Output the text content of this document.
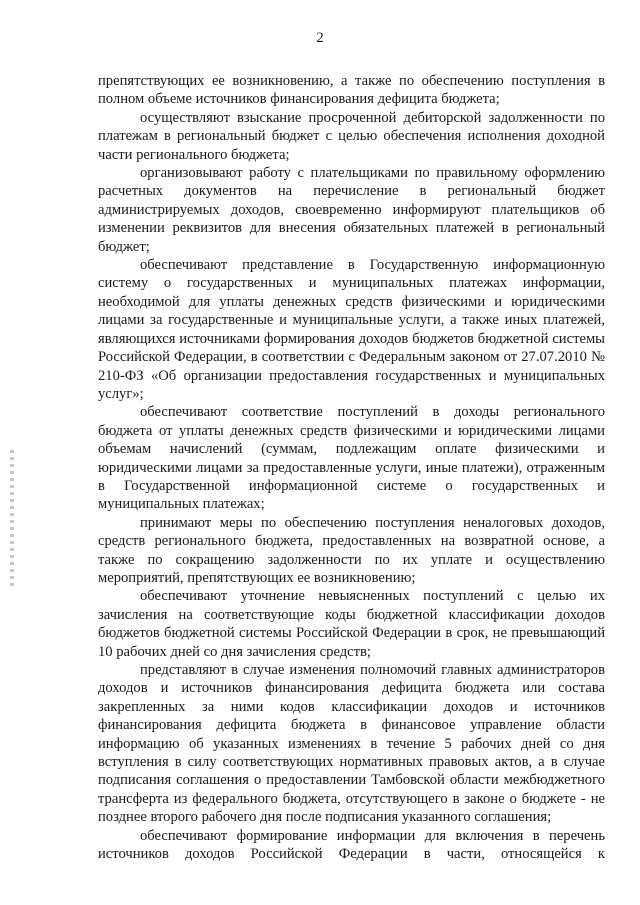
2

препятствующих ее возникновению, а также по обеспечению поступления в полном объеме источников финансирования дефицита бюджета;

осуществляют взыскание просроченной дебиторской задолженности по платежам в региональный бюджет с целью обеспечения исполнения доходной части регионального бюджета;

организовывают работу с плательщиками по правильному оформлению расчетных документов на перечисление в региональный бюджет администрируемых доходов, своевременно информируют плательщиков об изменении реквизитов для внесения обязательных платежей в региональный бюджет;

обеспечивают представление в Государственную информационную систему о государственных и муниципальных платежах информации, необходимой для уплаты денежных средств физическими и юридическими лицами за государственные и муниципальные услуги, а также иных платежей, являющихся источниками формирования доходов бюджетов бюджетной системы Российской Федерации, в соответствии с Федеральным законом от 27.07.2010 № 210-ФЗ «Об организации предоставления государственных и муниципальных услуг»;

обеспечивают соответствие поступлений в доходы регионального бюджета от уплаты денежных средств физическими и юридическими лицами объемам начислений (суммам, подлежащим оплате физическими и юридическими лицами за предоставленные услуги, иные платежи), отраженным в Государственной информационной системе о государственных и муниципальных платежах;

принимают меры по обеспечению поступления неналоговых доходов, средств регионального бюджета, предоставленных на возвратной основе, а также по сокращению задолженности по их уплате и осуществлению мероприятий, препятствующих ее возникновению;

обеспечивают уточнение невыясненных поступлений с целью их зачисления на соответствующие коды бюджетной классификации доходов бюджетов бюджетной системы Российской Федерации в срок, не превышающий 10 рабочих дней со дня зачисления средств;

представляют в случае изменения полномочий главных администраторов доходов и источников финансирования дефицита бюджета или состава закрепленных за ними кодов классификации доходов и источников финансирования дефицита бюджета в финансовое управление области информацию об указанных изменениях в течение 5 рабочих дней со дня вступления в силу соответствующих нормативных правовых актов, а в случае подписания соглашения о предоставлении Тамбовской области межбюджетного трансферта из федерального бюджета, отсутствующего в законе о бюджете - не позднее второго рабочего дня после подписания указанного соглашения;

обеспечивают формирование информации для включения в перечень источников доходов Российской Федерации в части, относящейся к
